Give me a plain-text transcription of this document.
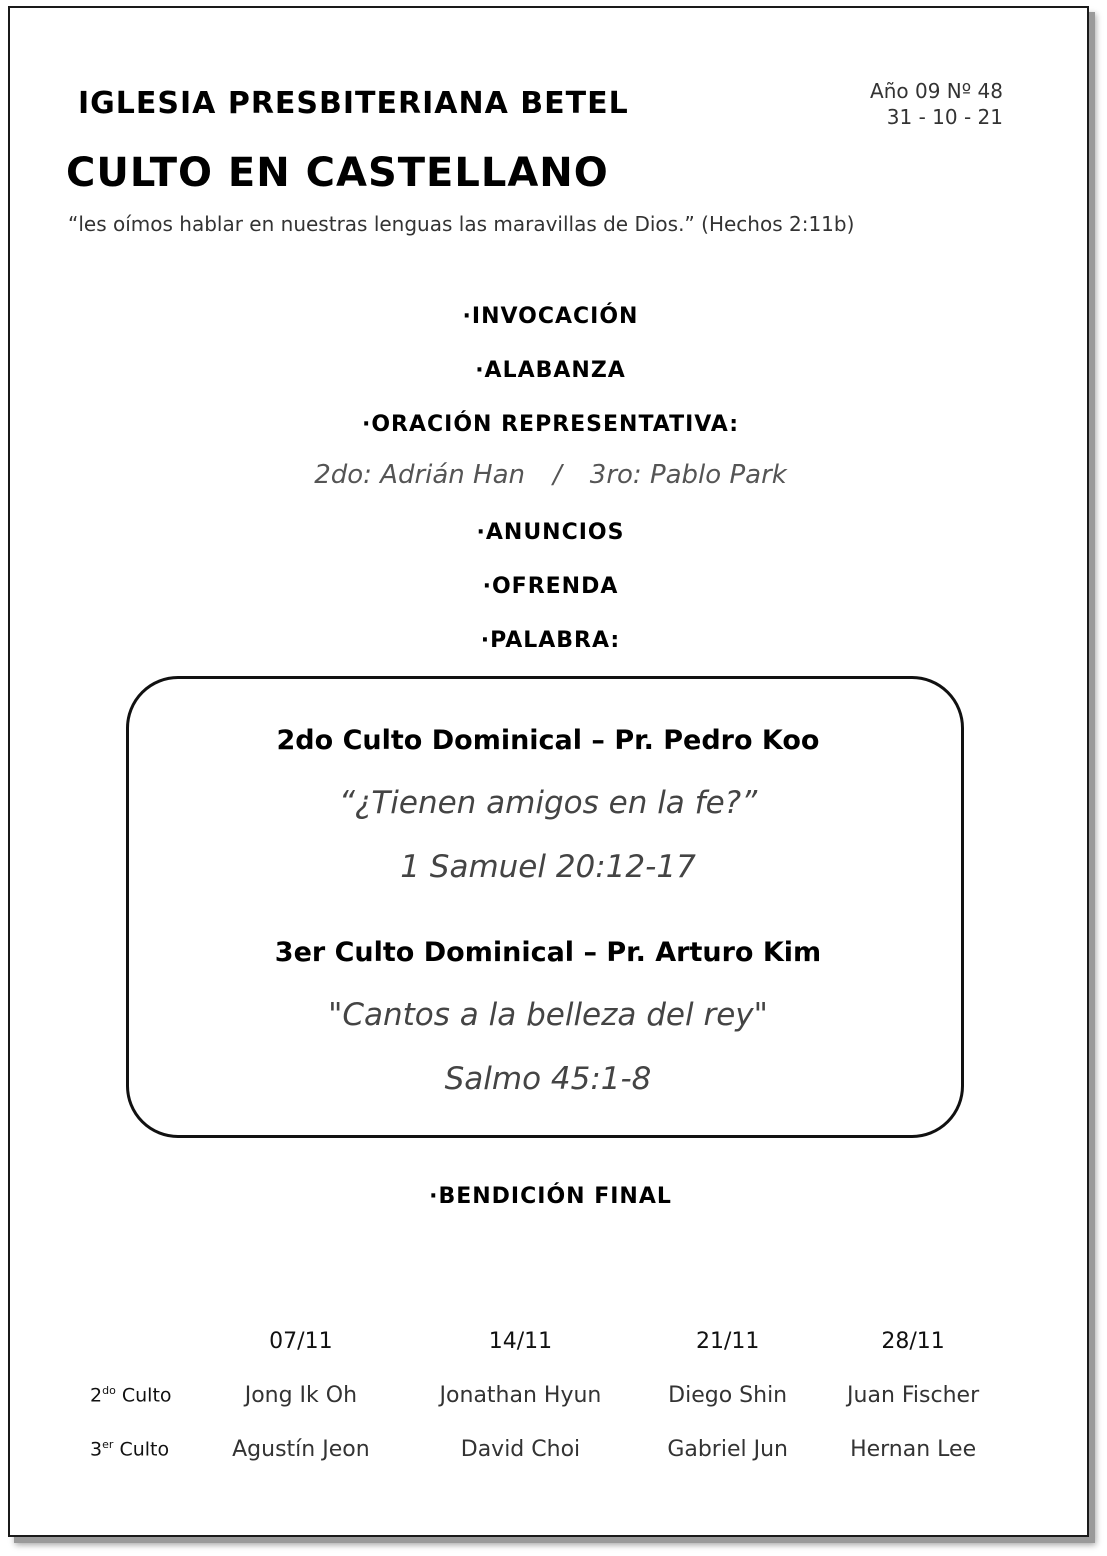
IGLESIA PRESBITERIANA BETEL	Año 09 Nº 48
31 - 10 - 21
CULTO EN CASTELLANO
“les oímos hablar en nuestras lenguas las maravillas de Dios.” (Hechos 2:11b)
·INVOCACIÓN
·ALABANZA
·ORACIÓN REPRESENTATIVA:
2do: Adrián Han / 3ro: Pablo Park
·ANUNCIOS
·OFRENDA
·PALABRA:
2do Culto Dominical – Pr. Pedro Koo
“¿Tienen amigos en la fe?”
1 Samuel 20:12-17
3er Culto Dominical – Pr. Arturo Kim
"Cantos a la belleza del rey"
Salmo 45:1-8
·BENDICIÓN FINAL
	07/11	14/11	21/11	28/11
$2^{do}$ Culto	Jong Ik Oh	Jonathan Hyun	Diego Shin	Juan Fischer
3er Culto	Agustín Jeon	David Choi	Gabriel Jun	Hernan Lee
